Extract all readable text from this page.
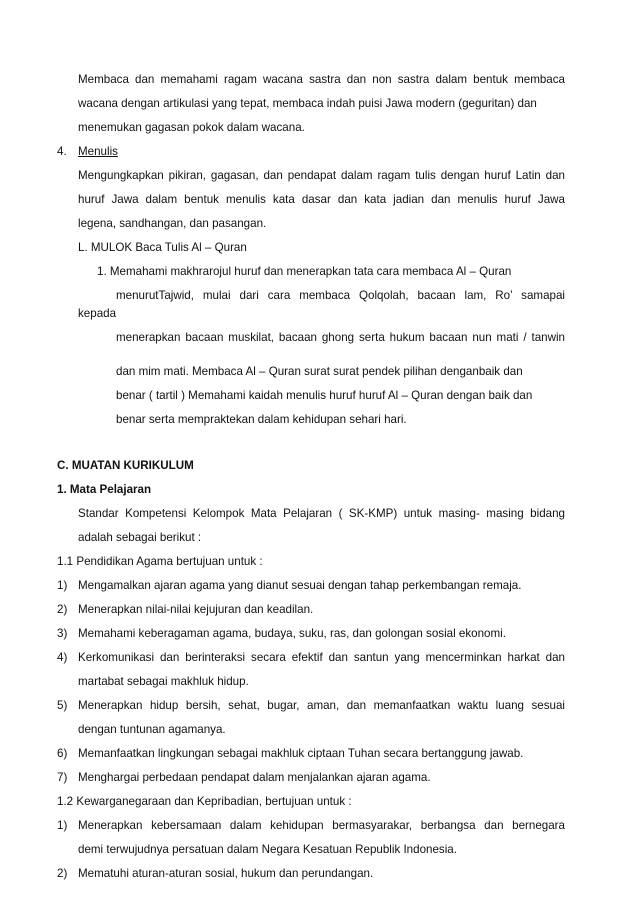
Membaca dan memahami ragam wacana sastra dan non sastra dalam bentuk membaca
wacana dengan artikulasi yang tepat, membaca indah puisi Jawa modern (geguritan) dan
menemukan gagasan pokok dalam wacana.
4. Menulis
Mengungkapkan pikiran, gagasan, dan pendapat dalam ragam tulis dengan huruf Latin dan
huruf Jawa dalam bentuk menulis kata dasar dan kata jadian dan menulis huruf Jawa
legena, sandhangan, dan pasangan.
L. MULOK Baca Tulis Al – Quran
1. Memahami makhrarojul huruf dan menerapkan tata cara membaca Al – Quran
menurutTajwid, mulai dari cara membaca Qolqolah, bacaan lam, Ro’ samapai
kepada
menerapkan bacaan muskilat, bacaan ghong serta hukum bacaan nun mati / tanwin
dan mim mati. Membaca Al – Quran surat surat pendek pilihan denganbaik dan
benar ( tartil ) Memahami kaidah menulis huruf huruf Al – Quran dengan baik dan
benar serta mempraktekan dalam kehidupan sehari hari.
C. MUATAN KURIKULUM
1. Mata Pelajaran
Standar Kompetensi Kelompok Mata Pelajaran ( SK-KMP) untuk masing- masing bidang
adalah sebagai berikut :
1.1 Pendidikan Agama bertujuan untuk :
1) Mengamalkan ajaran agama yang dianut sesuai dengan tahap perkembangan remaja.
2) Menerapkan nilai-nilai kejujuran dan keadilan.
3) Memahami keberagaman agama, budaya, suku, ras, dan golongan sosial ekonomi.
4) Kerkomunikasi dan berinteraksi secara efektif dan santun yang mencerminkan harkat dan
martabat sebagai makhluk hidup.
5) Menerapkan hidup bersih, sehat, bugar, aman, dan memanfaatkan waktu luang sesuai
dengan tuntunan agamanya.
6) Memanfaatkan lingkungan sebagai makhluk ciptaan Tuhan secara bertanggung jawab.
7) Menghargai perbedaan pendapat dalam menjalankan ajaran agama.
1.2 Kewarganegaraan dan Kepribadian, bertujuan untuk :
1) Menerapkan kebersamaan dalam kehidupan bermasyarakar, berbangsa dan bernegara
demi terwujudnya persatuan dalam Negara Kesatuan Republik Indonesia.
2) Mematuhi aturan-aturan sosial, hukum dan perundangan.
